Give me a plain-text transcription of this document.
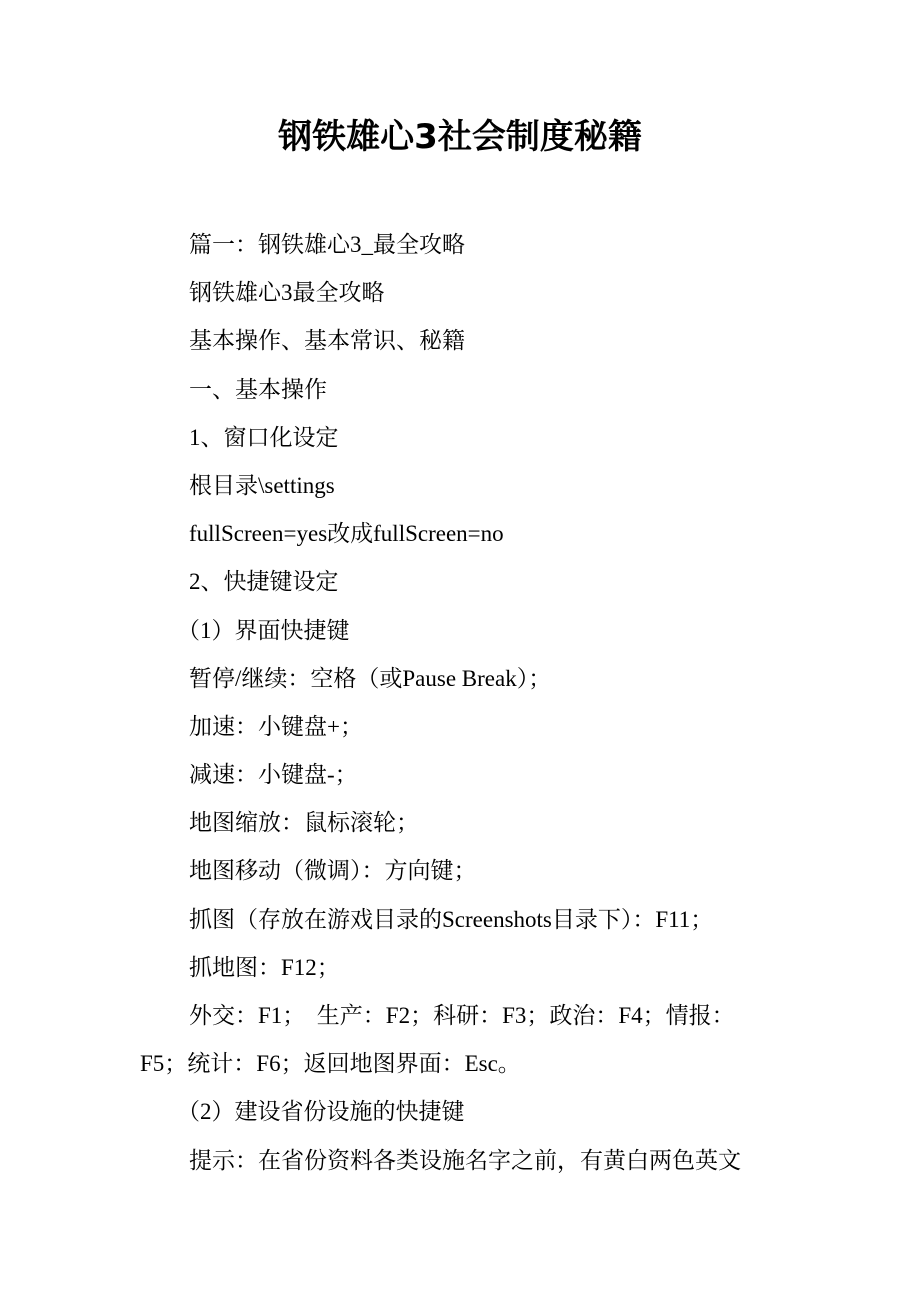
钢铁雄心3社会制度秘籍
篇一：钢铁雄心3_最全攻略
钢铁雄心3最全攻略
基本操作、基本常识、秘籍
一、基本操作
1、窗口化设定
根目录\settings
fullScreen=yes改成fullScreen=no
2、快捷键设定
（1）界面快捷键
暂停/继续：空格（或Pause Break）；
加速：小键盘+；
减速：小键盘-；
地图缩放：鼠标滚轮；
地图移动（微调）：方向键；
抓图（存放在游戏目录的Screenshots目录下）：F11；
抓地图：F12；
外交：F1；  生产：F2；科研：F3；政治：F4；情报：
F5；统计：F6；返回地图界面：Esc。
（2）建设省份设施的快捷键
提示：在省份资料各类设施名字之前，有黄白两色英文
